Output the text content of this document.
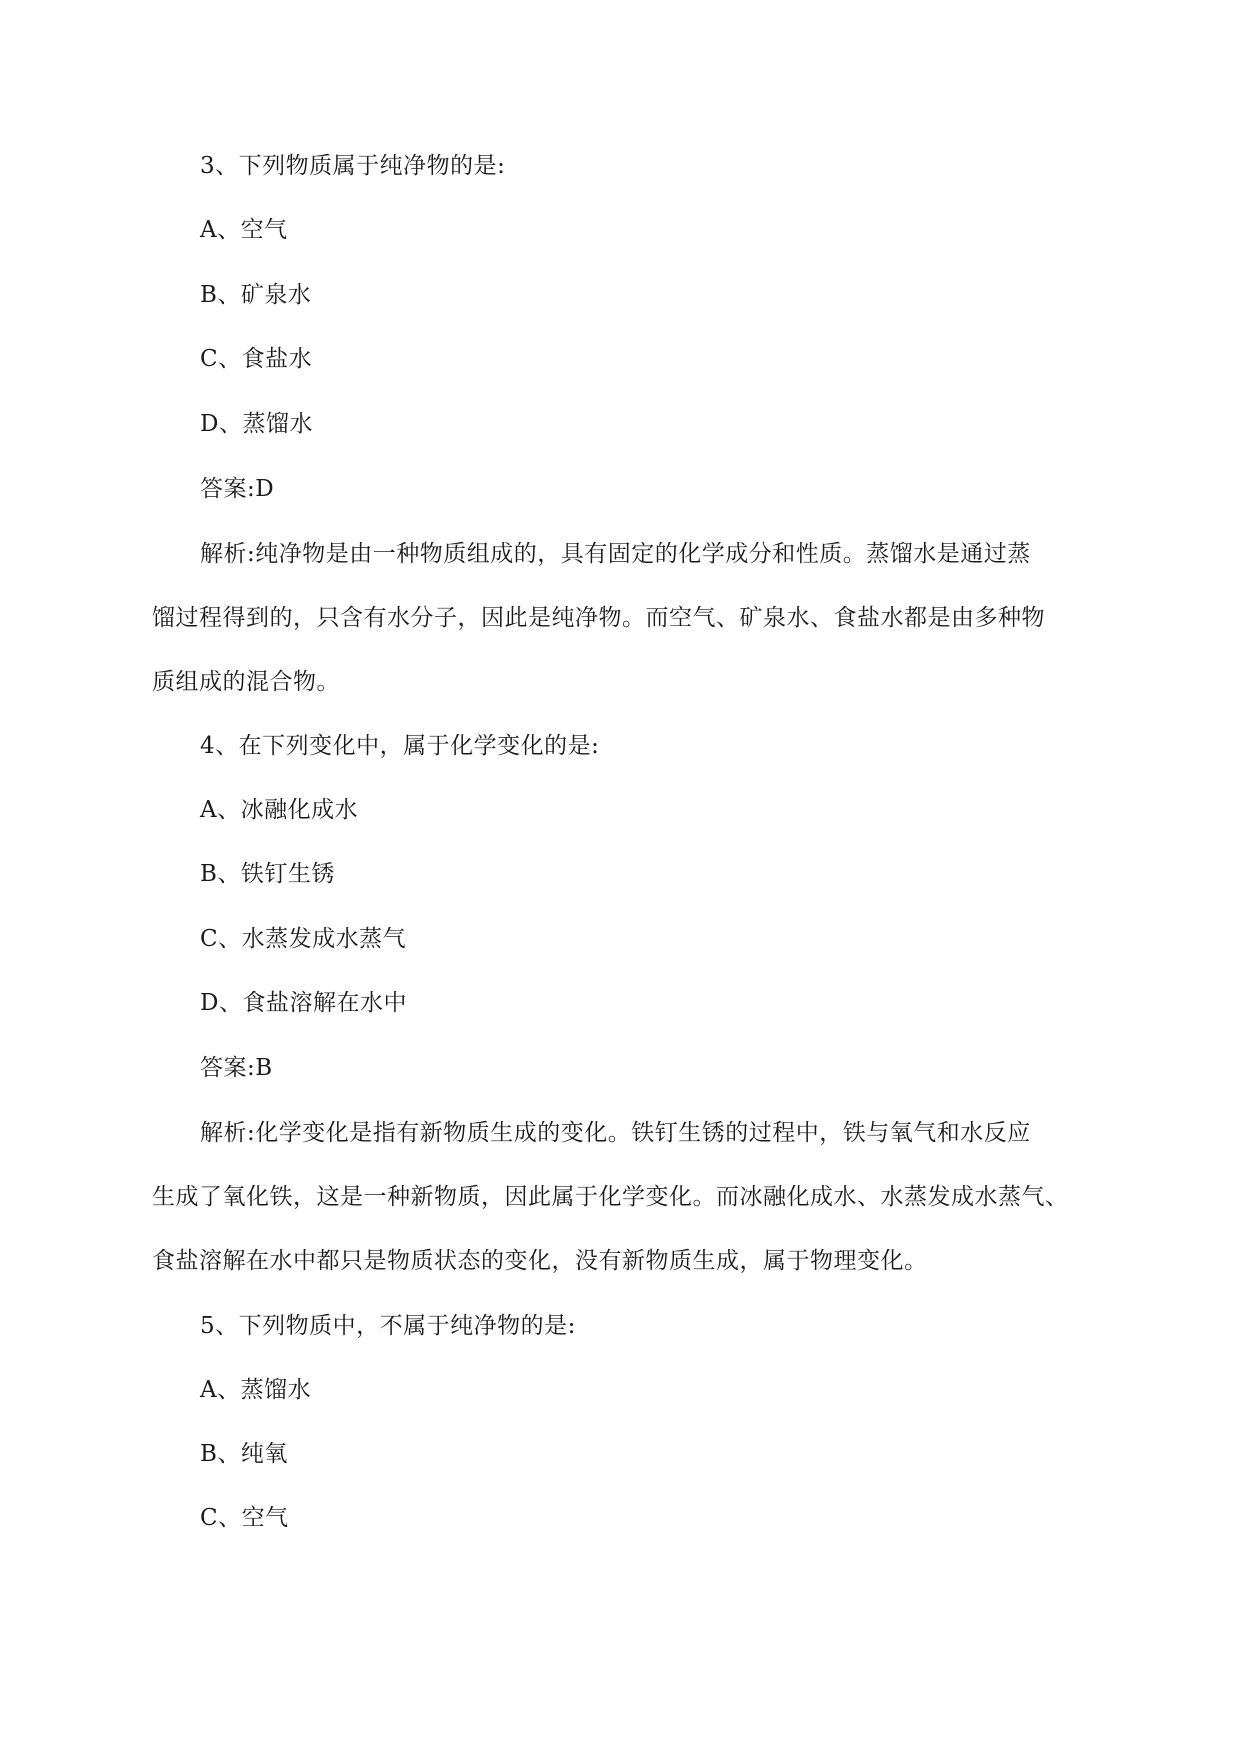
3、下列物质属于纯净物的是:
A、空气
B、矿泉水
C、食盐水
D、蒸馏水
答案:D
解析:纯净物是由一种物质组成的，具有固定的化学成分和性质。蒸馏水是通过蒸
馏过程得到的，只含有水分子，因此是纯净物。而空气、矿泉水、食盐水都是由多种物
质组成的混合物。
4、在下列变化中，属于化学变化的是:
A、冰融化成水
B、铁钉生锈
C、水蒸发成水蒸气
D、食盐溶解在水中
答案:B
解析:化学变化是指有新物质生成的变化。铁钉生锈的过程中，铁与氧气和水反应
生成了氧化铁，这是一种新物质，因此属于化学变化。而冰融化成水、水蒸发成水蒸气、
食盐溶解在水中都只是物质状态的变化，没有新物质生成，属于物理变化。
5、下列物质中，不属于纯净物的是:
A、蒸馏水
B、纯氧
C、空气
